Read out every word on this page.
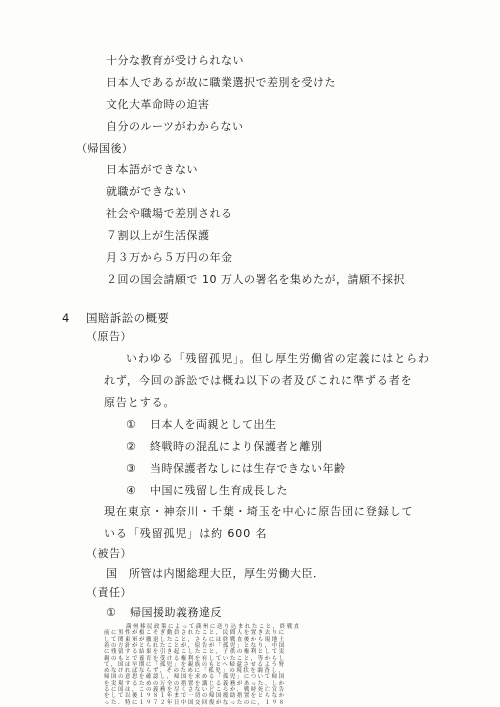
十分な教育が受けられない
日本人であるが故に職業選択で差別を受けた
文化大革命時の迫害
自分のルーツがわからない
（帰国後）
日本語ができない
就職ができない
社会や職場で差別される
７割以上が生活保護
月３万から５万円の年金
２回の国会請願で 10 万人の署名を集めたが，請願不採択
4 国賠訴訟の概要
（原告）
いわゆる「残留孤児」。但し厚生労働省の定義にはとらわ
れず，今回の訴訟では概ね以下の者及びこれに準ずる者を
原告とする。
① 日本人を両親として出生
② 終戦時の混乱により保護者と離別
③ 当時保護者なしには生存できない年齢
④ 中国に残留し生育成長した
現在東京・神奈川・千葉・埼玉を中心に原告団に登録して
いる「残留孤児」は約 600 名
（被告）
国　所管は内閣総理大臣，厚生労働大臣．
（責任）
① 帰国援助義務違反
満州移民政策によって満州に送り込まれたこと，終戦直
前に男性が根こそぎ動員されたこと，民間人を置き去りに
して関東軍が撤退したこと，さらには終戦直後から現地土
着の方針がとられたことが，原告が「孤児」となり，中国
に残留する結果を引き起こしたこと，子供の権利として実
親のもとで養育を受ける権利を有していたこと，等からし
て，国は早期に「孤児」を親族のもとへ帰還させるよう努
めなければならず，そのために「孤児」の現状を調査し，
帰国の意思を確認し，帰国を求める「孤児」について帰国
を実現するための万全の措置を講じる義務があった。しか
るに国は，この義務を尽くさないどころか，戦時死亡宣告
をして以後１９８１年まで一切の帰国援助措置をとらなか
った．特に１９７２年日中国交回復がなったのに，１９８
